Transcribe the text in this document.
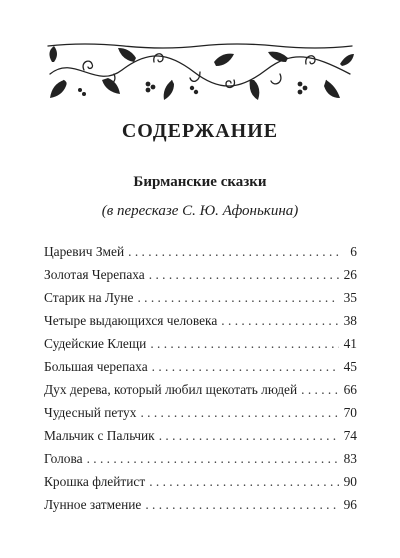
СОДЕРЖАНИЕ
Бирманские сказки

(в пересказе С. Ю. Афонькина)

Царевич Змей . . .	6
Золотая Черепаха . . .	26
Старик на Луне . . .	35
Четыре выдающихся человека . . .	38
Судейские Клещи . . .	41
Большая черепаха . . .	45
Дух дерева, который любил щекотать людей . . .	66
Чудесный петух . . .	70
Мальчик с Пальчик . . .	74
Голова . . .	83
Крошка флейтист . . .	90
Лунное затмение . . .	96
